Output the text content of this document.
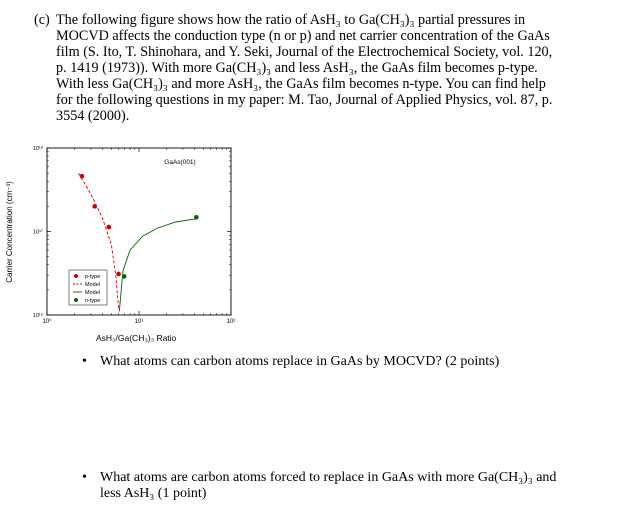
(c) The following figure shows how the ratio of AsH₃ to Ga(CH₃)₃ partial pressures in
MOCVD affects the conduction type (n or p) and net carrier concentration of the GaAs
film (S. Ito, T. Shinohara, and Y. Seki, Journal of the Electrochemical Society, vol. 120,
p. 1419 (1973)). With more Ga(CH₃)₃ and less AsH₃, the GaAs film becomes p-type.
With less Ga(CH₃)₃ and more AsH₃, the GaAs film becomes n-type. You can find help
for the following questions in my paper: M. Tao, Journal of Applied Physics, vol. 87, p.
3554 (2000).
Carrier Concentration (cm⁻³)
AsH₃/Ga(CH₃)₃ Ratio
GaAs(001)
10⁰	10¹	10²
10¹⁶
10¹⁷
10¹⁸
p-type
Model
Model
n-type
• What atoms can carbon atoms replace in GaAs by MOCVD? (2 points)
• What atoms are carbon atoms forced to replace in GaAs with more Ga(CH₃)₃ and less AsH₃ (1 point)
